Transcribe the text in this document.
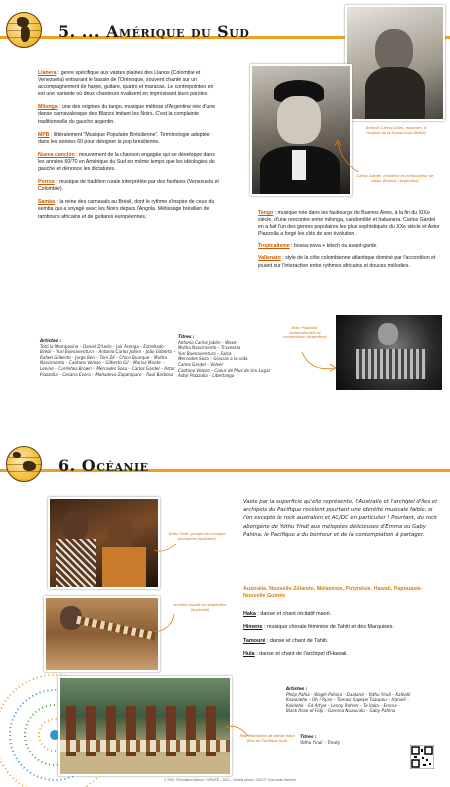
5. ... Amérique du Sud

Llanera : genre spécifique aux vastes plaines des Llanos (Colombie et Venezuela) entourant le bassin de l'Orénoque, souvent chanté sur un accompagnement de harpe, guitare, quatro et maracas. Le contrepointeo en est une variante où deux chanteurs rivalisent en improvisant leurs paroles.

Milonga : une des origines du tango, musique métisse d'Argentine née d'une danse carnavalesque des Blancs imitant les Noirs. C'est la complainte traditionnelle du gaucho argentin.

MPB : littéralement "Musique Populaire Brésilienne". Terminologie adoptée dans les années 60 pour désigner la pop brésilienne.

Nueva canción : mouvement de la chanson engagée qui se développe dans les années 60/70 en Amérique du Sud en même temps que les idéologies de gauche et dénonce les dictatures.

Porros : musique de tradition rurale interprétée par des fanfares (Venezuela et Colombie).

Samba : la reine des carnavals au Brésil, dont le rythme s'inspire de ceux du semba qui a voyagé avec les Noirs depuis l'Angola. Métissage brésilien de tambours africains et de guitares européennes.

Antonio Carlos Jobim, musicien, à l'origine de la bossa-nova (Brésil)
Carlos Gardel, chanteur et compositeur de tango (France / Argentine)

Tango : musique née dans les faubourgs de Buenos Aires, à la fin du XIXe siècle, d'une rencontre entre milonga, candomblé et habanera. Carlos Gardel en a fait l'un des genres populaires les plus sophistiqués du XXe siècle et Astor Piazzolla a forgé les clés de son évolution.

Tropicalisme : bossa-nova + kitsch ou avant-garde.

Vallenato : style de la côte colombienne atlantique dominé par l'accordéon et jouant sur l'interaction entre rythmes africains et douces mélodies.

Astor Piazzolla, bandonéoniste et compositeur (Argentine)
Artistes :
Totó la Momposina – Daniel D'León – Jair Arenga – Estrellado
Brésil – Yuri Buenaventura – Antonio Carlos Jobim – João Gilberto –
Rafael Gilberto – Jorge Ben – Tom Zé – Chico Buarque – Mutha
Nascimento – Caetano Veloso – Gilberto Gil – Marisa Monte –
Lenine – Carlinhos Brown – Mercedes Sosa – Carlos Gardel – Astor
Piazzolla – Cesaria Evora – Mahadeva Zapamparo – Raul Barbosa
Titres :
Antonio Carlos Jobim – Wave
Mutha Nascimento – Travessia
Yuri Buenaventura – Salsa
Mercedes Sosa – Gracias a la vida
Carlos Gardel – Volver
Caetano Veloso – Coeur de Plus de Um Lugar
Astor Piazzolla – Libertango
6. Océanie
Yothu Yindi, groupe de musique aborigène (Australie)
Homme jouant du didgeridoo (Australie)
Représentation de danse haka (Îles du Pacifique Sud)
Vaste par la superficie qu'elle représente, l'Australie et l'archipel d'îles et archipels du Pacifique recèlent pourtant une identité musicale faible, si l'on excepte le rock australien et AC/DC en particulier ! Pourtant, du rock aborigène de Yothu Yindi aux mélopées délicieuses d'Emma ou Gaby Pahina, le Pacifique a du bonheur et de la contemplation à partager.
Australie, Nouvelle-Zélande, Mélanésie, Polynésie, Hawaii, Papouasie-Nouvelle Guinée

Haka : danse et chant récitatif maori.

Himene : musique chorale féminine de Tahiti et des Marquises.

Tamouré : danse et chant de Tahiti.

Hula : danse et chant de l'archipel d'Hawaii.

Artistes :
Philip Pahia – Wagih Pahina – Daaland – Yothu Yindi – Kahlalil
Kaaulaehe – Oh ! Ryan – Tomasi Sapepe Tuaupou – Hanalil –
Kaiolohe – Ed Ait'pe – Lenny Rohrer – Te Vaka – Emma –
Black Rose of Fidji – Gamma Nuauvalu – Gaby Pahina
Titres :
Yothu Yindi – Treaty
© 2010, ©Fondation Ailleurs + MSMFB – 2010 – Crédits photos : 2010 © Tous droits réservés
